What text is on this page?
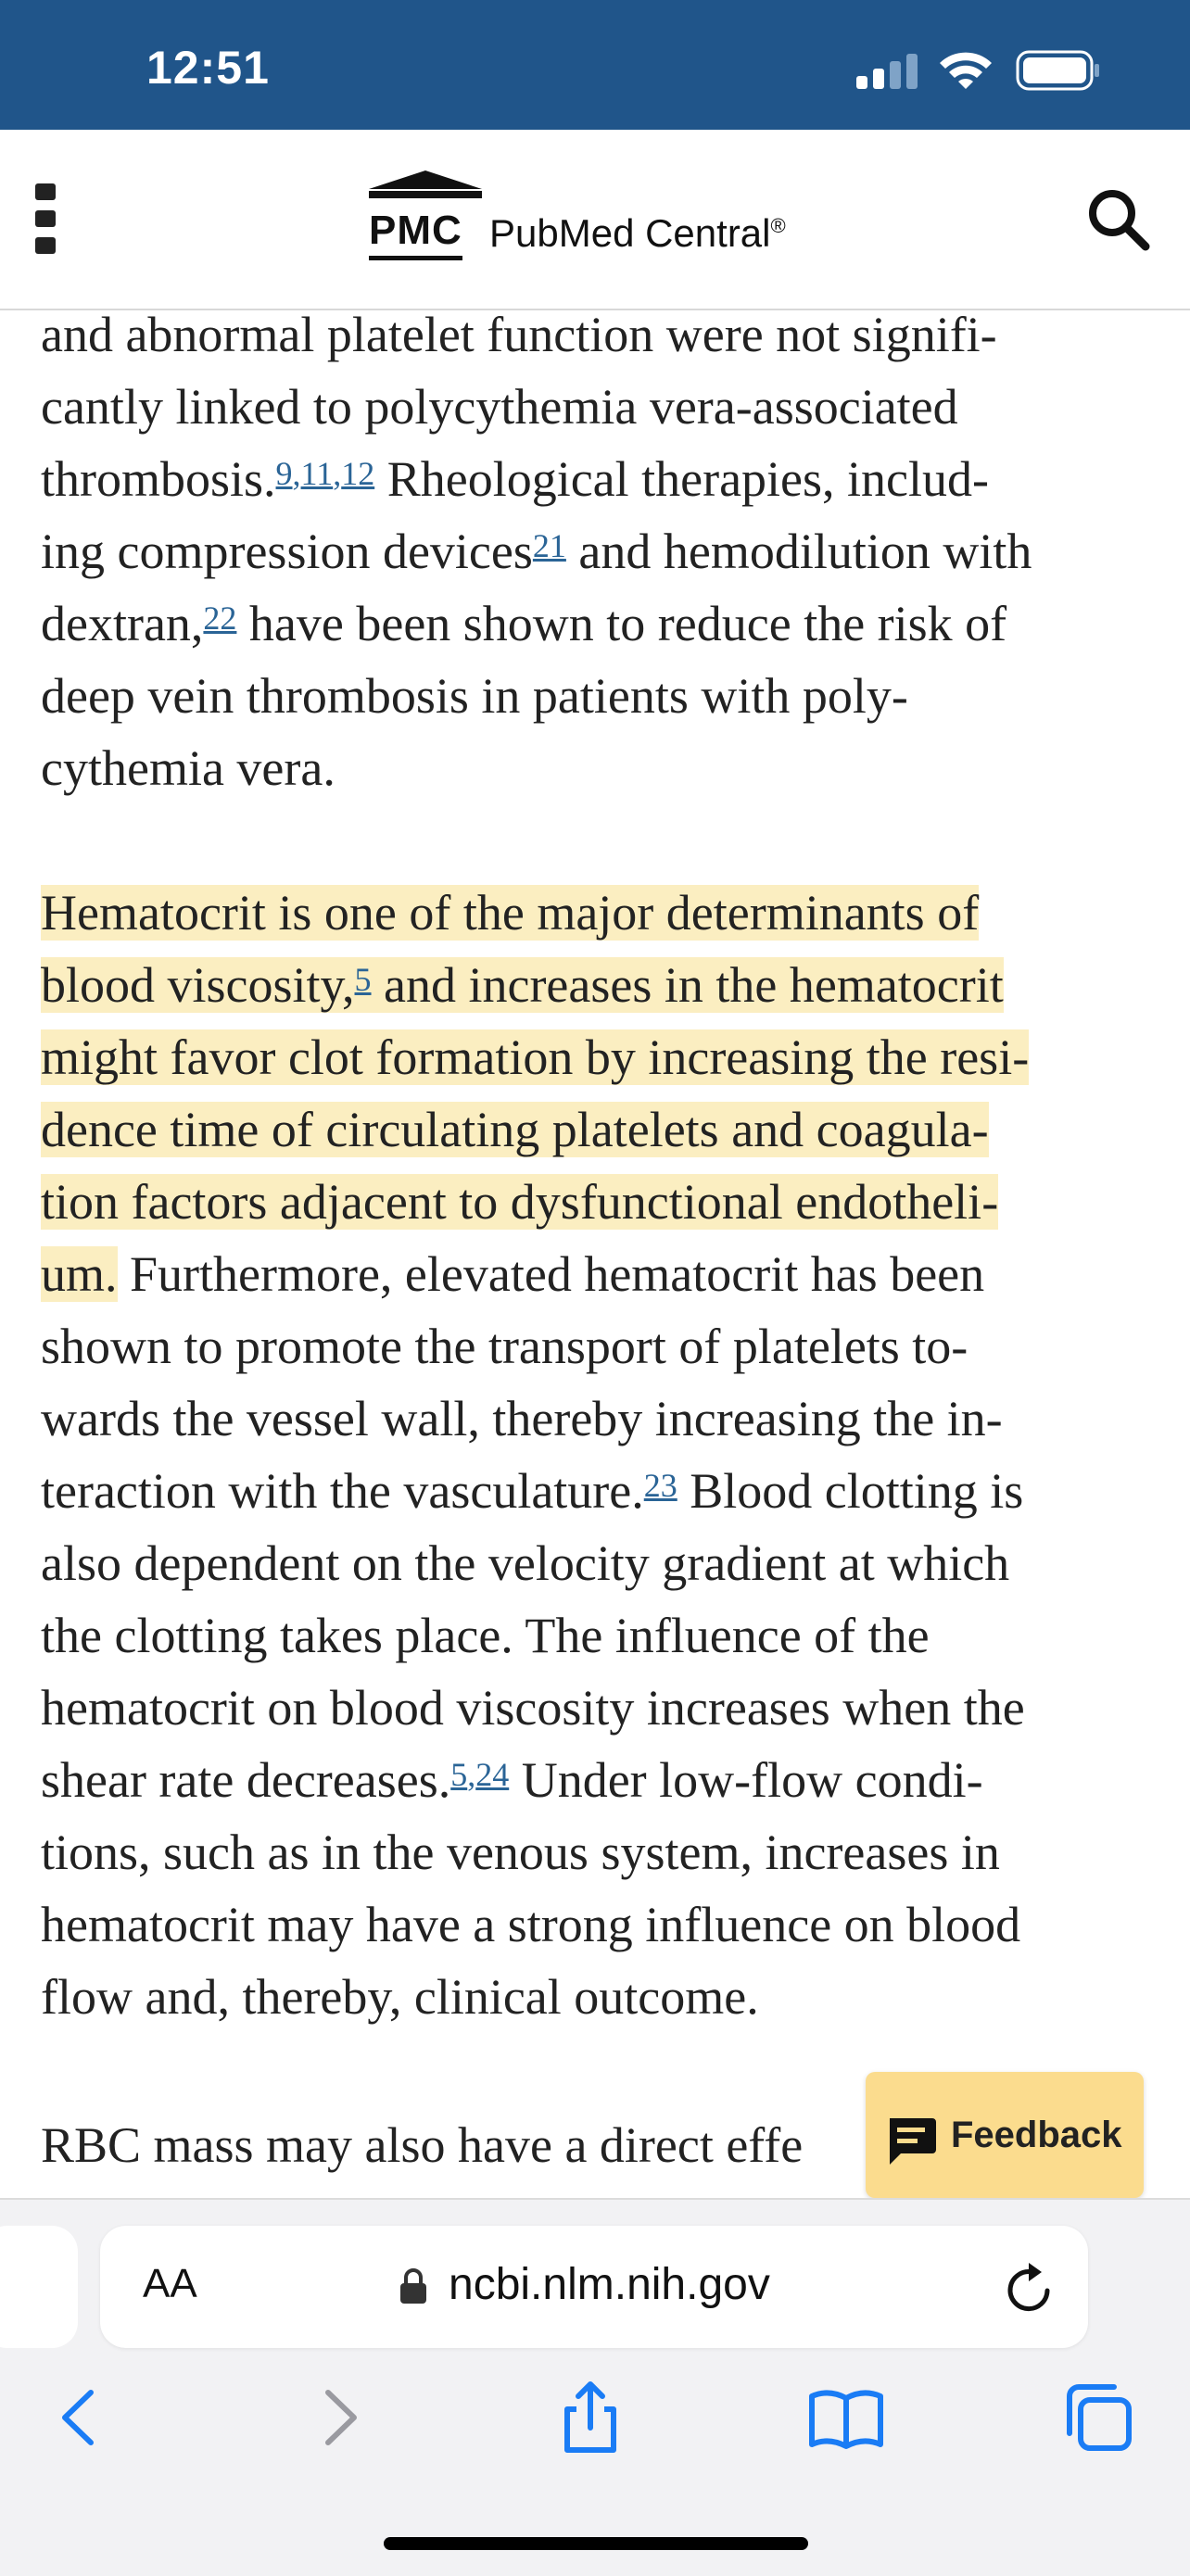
12:51
PMC PubMed Central®

and abnormal platelet function were not signifi-
cantly linked to polycythemia vera-associated
thrombosis.$^{9,11,12}$ Rheological therapies, includ-
ing compression devices$^{21}$ and hemodilution with
dextran,$^{22}$ have been shown to reduce the risk of
deep vein thrombosis in patients with poly-
cythemia vera.

Hematocrit is one of the major determinants of
blood viscosity,$^5$ and increases in the hematocrit
might favor clot formation by increasing the resi-
dence time of circulating platelets and coagula-
tion factors adjacent to dysfunctional endotheli-
um. Furthermore, elevated hematocrit has been
shown to promote the transport of platelets to-
wards the vessel wall, thereby increasing the in-
teraction with the vasculature.$^{23}$ Blood clotting is
also dependent on the velocity gradient at which
the clotting takes place. The influence of the
hematocrit on blood viscosity increases when the
shear rate decreases.$^{5,24}$ Under low-flow condi-
tions, such as in the venous system, increases in
hematocrit may have a strong influence on blood
flow and, thereby, clinical outcome.

RBC mass may also have a direct effe	Feedback
AA	ncbi.nlm.nih.gov
